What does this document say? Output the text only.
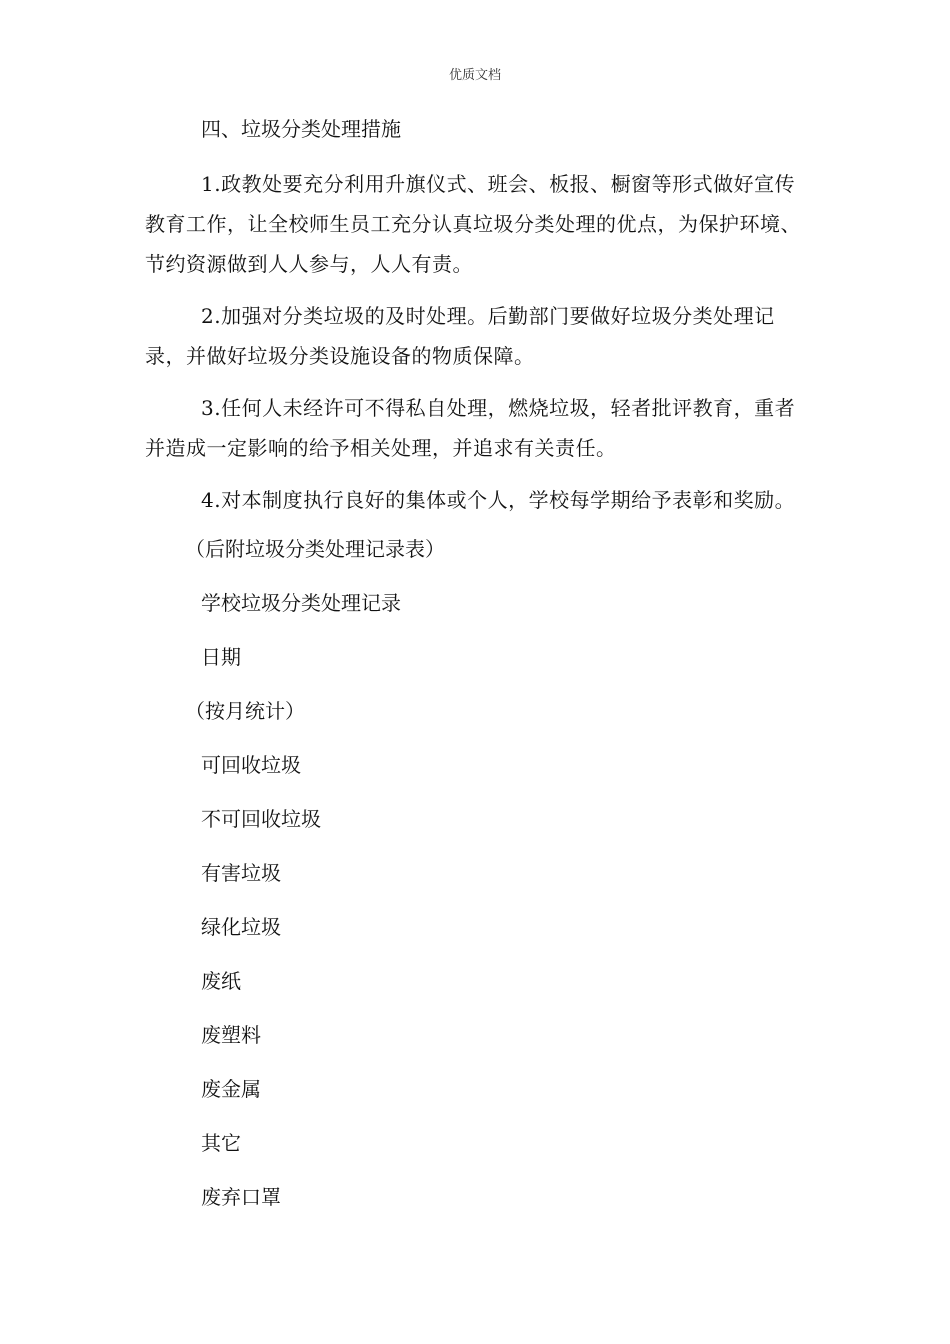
优质文档
四、垃圾分类处理措施

1.政教处要充分利用升旗仪式、班会、板报、橱窗等形式做好宣传教育工作，让全校师生员工充分认真垃圾分类处理的优点，为保护环境、节约资源做到人人参与，人人有责。

2.加强对分类垃圾的及时处理。后勤部门要做好垃圾分类处理记录，并做好垃圾分类设施设备的物质保障。

3.任何人未经许可不得私自处理，燃烧垃圾，轻者批评教育，重者并造成一定影响的给予相关处理，并追求有关责任。

4.对本制度执行良好的集体或个人，学校每学期给予表彰和奖励。

（后附垃圾分类处理记录表）
学校垃圾分类处理记录
日期
（按月统计）
可回收垃圾
不可回收垃圾
有害垃圾
绿化垃圾
废纸
废塑料
废金属
其它
废弃口罩
